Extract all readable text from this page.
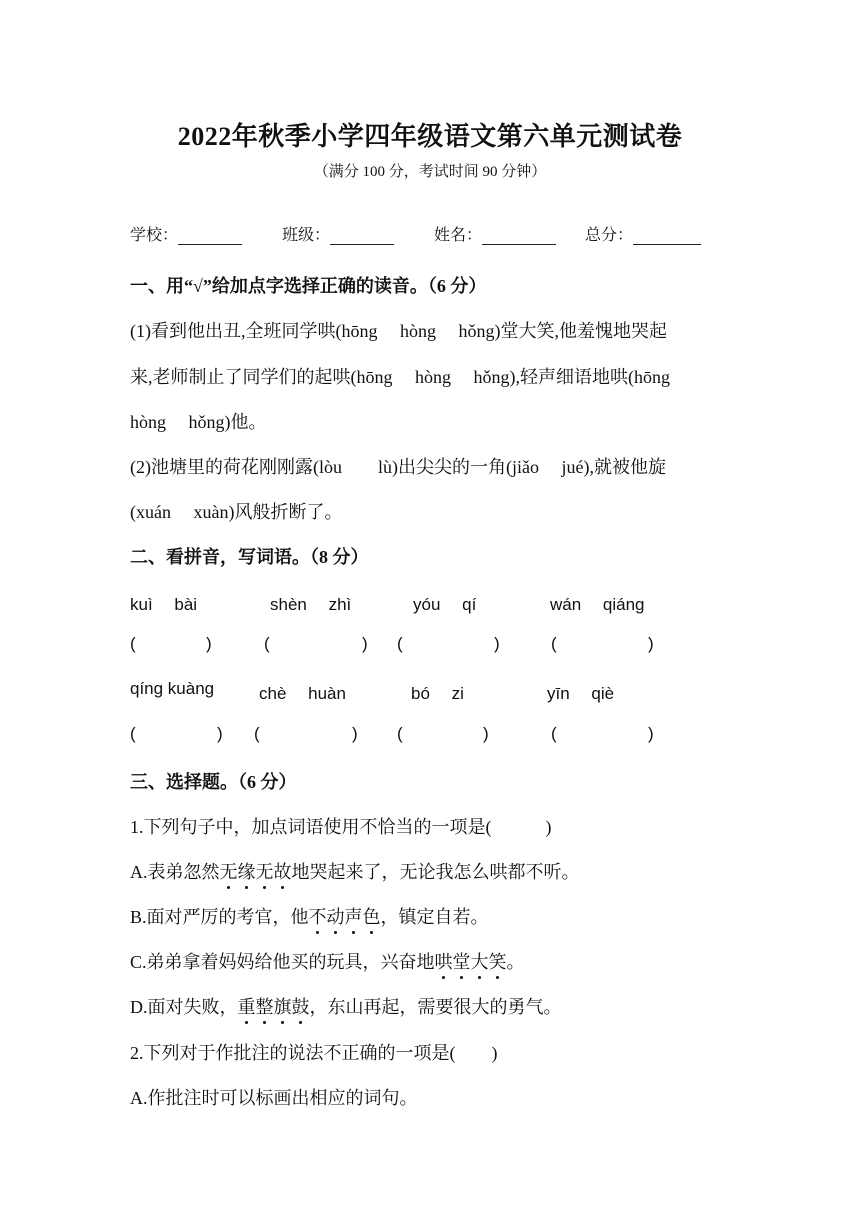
2022年秋季小学四年级语文第六单元测试卷
（满分 100 分，考试时间 90 分钟）
学校：	班级：	姓名：	总分：
一、用“√”给加点字选择正确的读音。（6 分）
(1)看到他出丑,全班同学哄(hōng　 hòng　 hǒng)堂大笑,他羞愧地哭起
来,老师制止了同学们的起哄(hōng　 hòng　 hǒng),轻声细语地哄(hōng
hòng　 hǒng)他。
(2)池塘里的荷花刚刚露(lòu　　lù)出尖尖的一角(jiǎo　 jué),就被他旋
(xuán　 xuàn)风般折断了。
二、看拼音，写词语。（8 分）
kuì　 bài	shèn　 zhì	yóu　 qí	wán　 qiáng
(	)	(	) (	)	(	)
qíng kuàng	chè　 huàn	bó　 zi	yīn　 qiè
(	) (	) (	)	(	)
三、选择题。（6 分）
1.下列句子中，加点词语使用不恰当的一项是(　　　)
A.表弟忽然无缘无故地哭起来了，无论我怎么哄都不听。
B.面对严厉的考官，他不动声色，镇定自若。
C.弟弟拿着妈妈给他买的玩具，兴奋地哄堂大笑。
D.面对失败，重整旗鼓，东山再起，需要很大的勇气。
2.下列对于作批注的说法不正确的一项是(　　)
A.作批注时可以标画出相应的词句。
